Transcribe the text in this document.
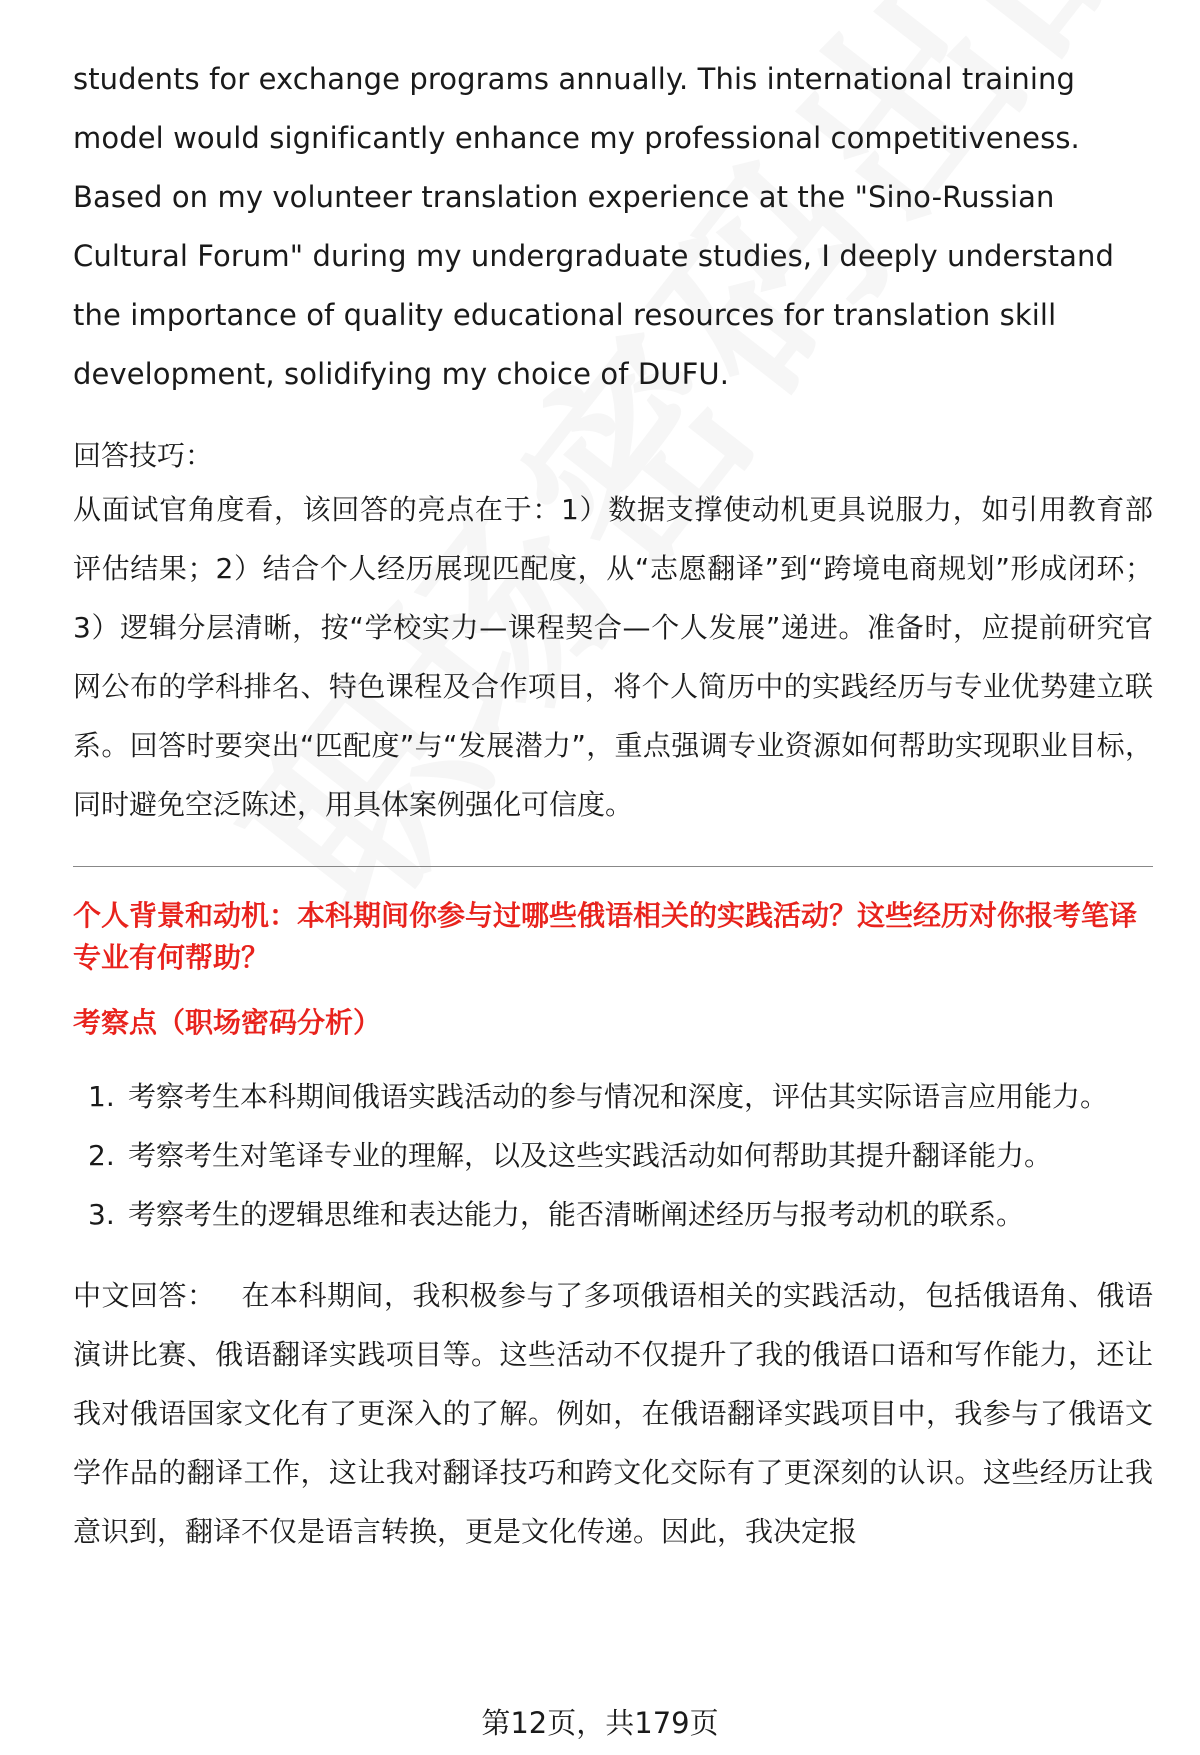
students for exchange programs annually. This international training model would significantly enhance my professional competitiveness. Based on my volunteer translation experience at the "Sino-Russian Cultural Forum" during my undergraduate studies, I deeply understand the importance of quality educational resources for translation skill development, solidifying my choice of DUFU.

回答技巧：

从面试官角度看，该回答的亮点在于：1）数据支撑使动机更具说服力，如引用教育部评估结果；2）结合个人经历展现匹配度，从“志愿翻译”到“跨境电商规划”形成闭环；3）逻辑分层清晰，按“学校实力—课程契合—个人发展”递进。准备时，应提前研究官网公布的学科排名、特色课程及合作项目，将个人简历中的实践经历与专业优势建立联系。回答时要突出“匹配度”与“发展潜力”，重点强调专业资源如何帮助实现职业目标，同时避免空泛陈述，用具体案例强化可信度。

个人背景和动机：本科期间你参与过哪些俄语相关的实践活动？这些经历对你报考笔译专业有何帮助？
考察点（职场密码分析）
1. 考察考生本科期间俄语实践活动的参与情况和深度，评估其实际语言应用能力。
2. 考察考生对笔译专业的理解，以及这些实践活动如何帮助其提升翻译能力。
3. 考察考生的逻辑思维和表达能力，能否清晰阐述经历与报考动机的联系。

中文回答： 在本科期间，我积极参与了多项俄语相关的实践活动，包括俄语角、俄语演讲比赛、俄语翻译实践项目等。这些活动不仅提升了我的俄语口语和写作能力，还让我对俄语国家文化有了更深入的了解。例如，在俄语翻译实践项目中，我参与了俄语文学作品的翻译工作，这让我对翻译技巧和跨文化交际有了更深刻的认识。这些经历让我意识到，翻译不仅是语言转换，更是文化传递。因此，我决定报

第12页，共179页
